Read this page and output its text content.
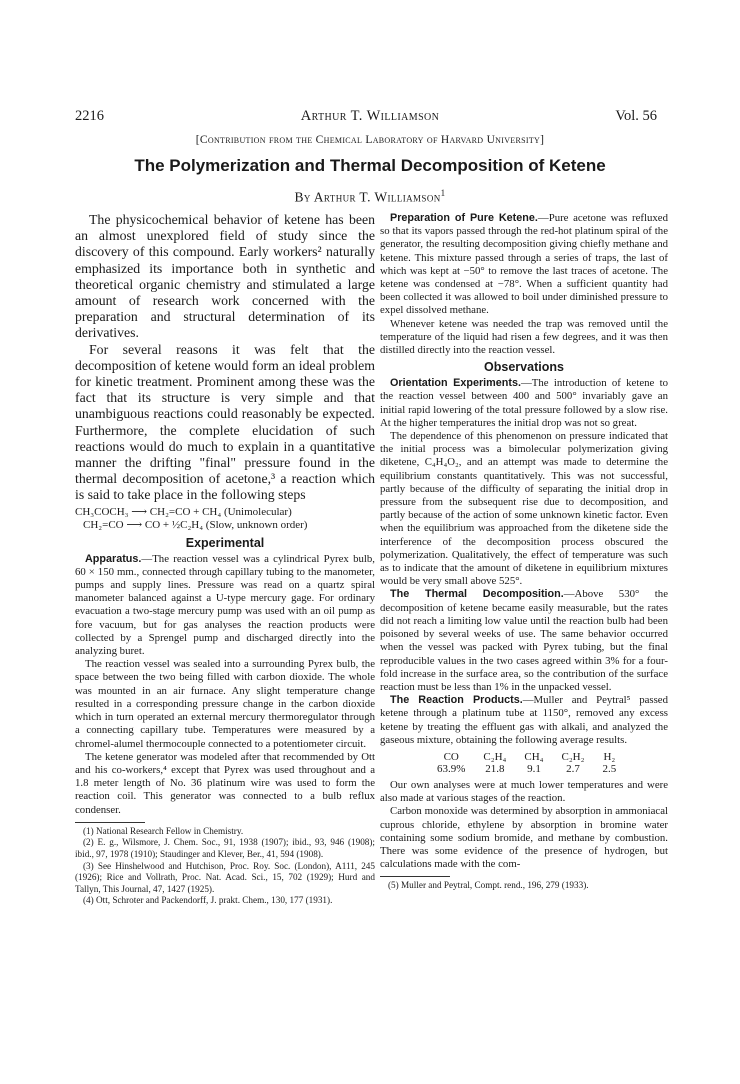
2216	Arthur T. Williamson	Vol. 56
[Contribution from the Chemical Laboratory of Harvard University]
The Polymerization and Thermal Decomposition of Ketene
By Arthur T. Williamson$^1$

The physicochemical behavior of ketene has been an almost unexplored field of study since the discovery of this compound. Early workers² naturally emphasized its importance both in synthetic and theoretical organic chemistry and stimulated a large amount of research work concerned with the preparation and structural determination of its derivatives.

For several reasons it was felt that the decomposition of ketene would form an ideal problem for kinetic treatment. Prominent among these was the fact that its structure is very simple and that unambiguous reactions could reasonably be expected. Furthermore, the complete elucidation of such reactions would do much to explain in a quantitative manner the drifting "final" pressure found in the thermal decomposition of acetone,³ a reaction which is said to take place in the following steps

CH₃COCH₃ ⟶ CH₂=CO + CH₄ (Unimolecular)
CH₂=CO ⟶ CO + ½C₂H₄ (Slow, unknown order)
Experimental

Apparatus.—The reaction vessel was a cylindrical Pyrex bulb, 60 × 150 mm., connected through capillary tubing to the manometer, pumps and supply lines. Pressure was read on a quartz spiral manometer balanced against a U-type mercury gage. For ordinary evacuation a two-stage mercury pump was used with an oil pump as fore vacuum, but for gas analyses the reaction products were collected by a Sprengel pump and discharged directly into the analyzing buret.

The reaction vessel was sealed into a surrounding Pyrex bulb, the space between the two being filled with carbon dioxide. The whole was mounted in an air furnace. Any slight temperature change resulted in a corresponding pressure change in the carbon dioxide which in turn operated an external mercury thermoregulator through a connecting capillary tube. Temperatures were measured by a chromel-alumel thermocouple connected to a potentiometer circuit.

The ketene generator was modeled after that recommended by Ott and his co-workers,⁴ except that Pyrex was used throughout and a 1.8 meter length of No. 36 platinum wire was used to form the reaction coil. This generator was connected to a bulb reflux condenser.

(1) National Research Fellow in Chemistry.

(2) E. g., Wilsmore, J. Chem. Soc., 91, 1938 (1907); ibid., 93, 946 (1908); ibid., 97, 1978 (1910); Staudinger and Klever, Ber., 41, 594 (1908).

(3) See Hinshelwood and Hutchison, Proc. Roy. Soc. (London), A111, 245 (1926); Rice and Vollrath, Proc. Nat. Acad. Sci., 15, 702 (1929); Hurd and Tallyn, This Journal, 47, 1427 (1925).

(4) Ott, Schroter and Packendorff, J. prakt. Chem., 130, 177 (1931).

Preparation of Pure Ketene.—Pure acetone was refluxed so that its vapors passed through the red-hot platinum spiral of the generator, the resulting decomposition giving chiefly methane and ketene. This mixture passed through a series of traps, the last of which was kept at −50° to remove the last traces of acetone. The ketene was condensed at −78°. When a sufficient quantity had been collected it was allowed to boil under diminished pressure to expel dissolved methane.

Whenever ketene was needed the trap was removed until the temperature of the liquid had risen a few degrees, and it was then distilled directly into the reaction vessel.

Observations

Orientation Experiments.—The introduction of ketene to the reaction vessel between 400 and 500° invariably gave an initial rapid lowering of the total pressure followed by a slow rise. At the higher temperatures the initial drop was not so great.

The dependence of this phenomenon on pressure indicated that the initial process was a bimolecular polymerization giving diketene, C₄H₄O₂, and an attempt was made to determine the equilibrium constants quantitatively. This was not successful, partly because of the difficulty of separating the initial drop in pressure from the subsequent rise due to decomposition, and partly because of the action of some unknown kinetic factor. Even when the equilibrium was approached from the diketene side the interference of the decomposition process obscured the polymerization. Qualitatively, the effect of temperature was such as to indicate that the amount of diketene in equilibrium mixtures would be very small above 525°.

The Thermal Decomposition.—Above 530° the decomposition of ketene became easily measurable, but the rates did not reach a limiting low value until the reaction bulb had been poisoned by several weeks of use. The same behavior occurred when the vessel was packed with Pyrex tubing, but the final reproducible values in the two cases agreed within 3% for a four-fold increase in the surface area, so the contribution of the surface reaction must be less than 1% in the unpacked vessel.

The Reaction Products.—Muller and Peytral⁵ passed ketene through a platinum tube at 1150°, removed any excess ketene by treating the effluent gas with alkali, and analyzed the gaseous mixture, obtaining the following average results.

CO	C₂H₄	CH₄	C₂H₂	H₂
63.9%	21.8	9.1	2.7	2.5

Our own analyses were at much lower temperatures and were also made at various stages of the reaction.

Carbon monoxide was determined by absorption in ammoniacal cuprous chloride, ethylene by absorption in bromine water containing some sodium bromide, and methane by combustion. There was some evidence of the presence of hydrogen, but calculations made with the com-

(5) Muller and Peytral, Compt. rend., 196, 279 (1933).
